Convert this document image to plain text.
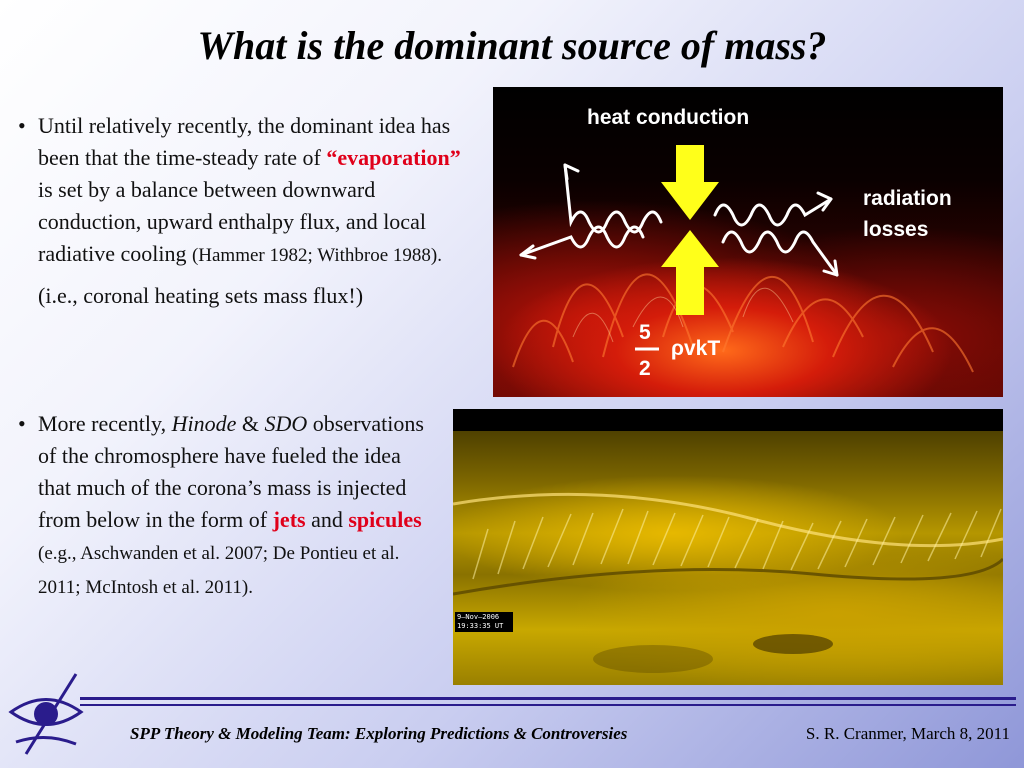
What is the dominant source of mass?
• Until relatively recently, the dominant idea has been that the time-steady rate of “evaporation” is set by a balance between downward conduction, upward enthalpy flux, and local radiative cooling (Hammer 1982; Withbroe 1988).
(i.e., coronal heating sets mass flux!)
• More recently, Hinode & SDO observations of the chromosphere have fueled the idea that much of the corona’s mass is injected from below in the form of jets and spicules  (e.g., Aschwanden et al. 2007; De Pontieu et al. 2011; McIntosh et al. 2011).
heat conduction
radiation
losses
5
2
ρvkT
9–Nov–2006
19:33:35 UT
SPP Theory & Modeling Team: Exploring Predictions & Controversies	S. R. Cranmer, March 8, 2011
